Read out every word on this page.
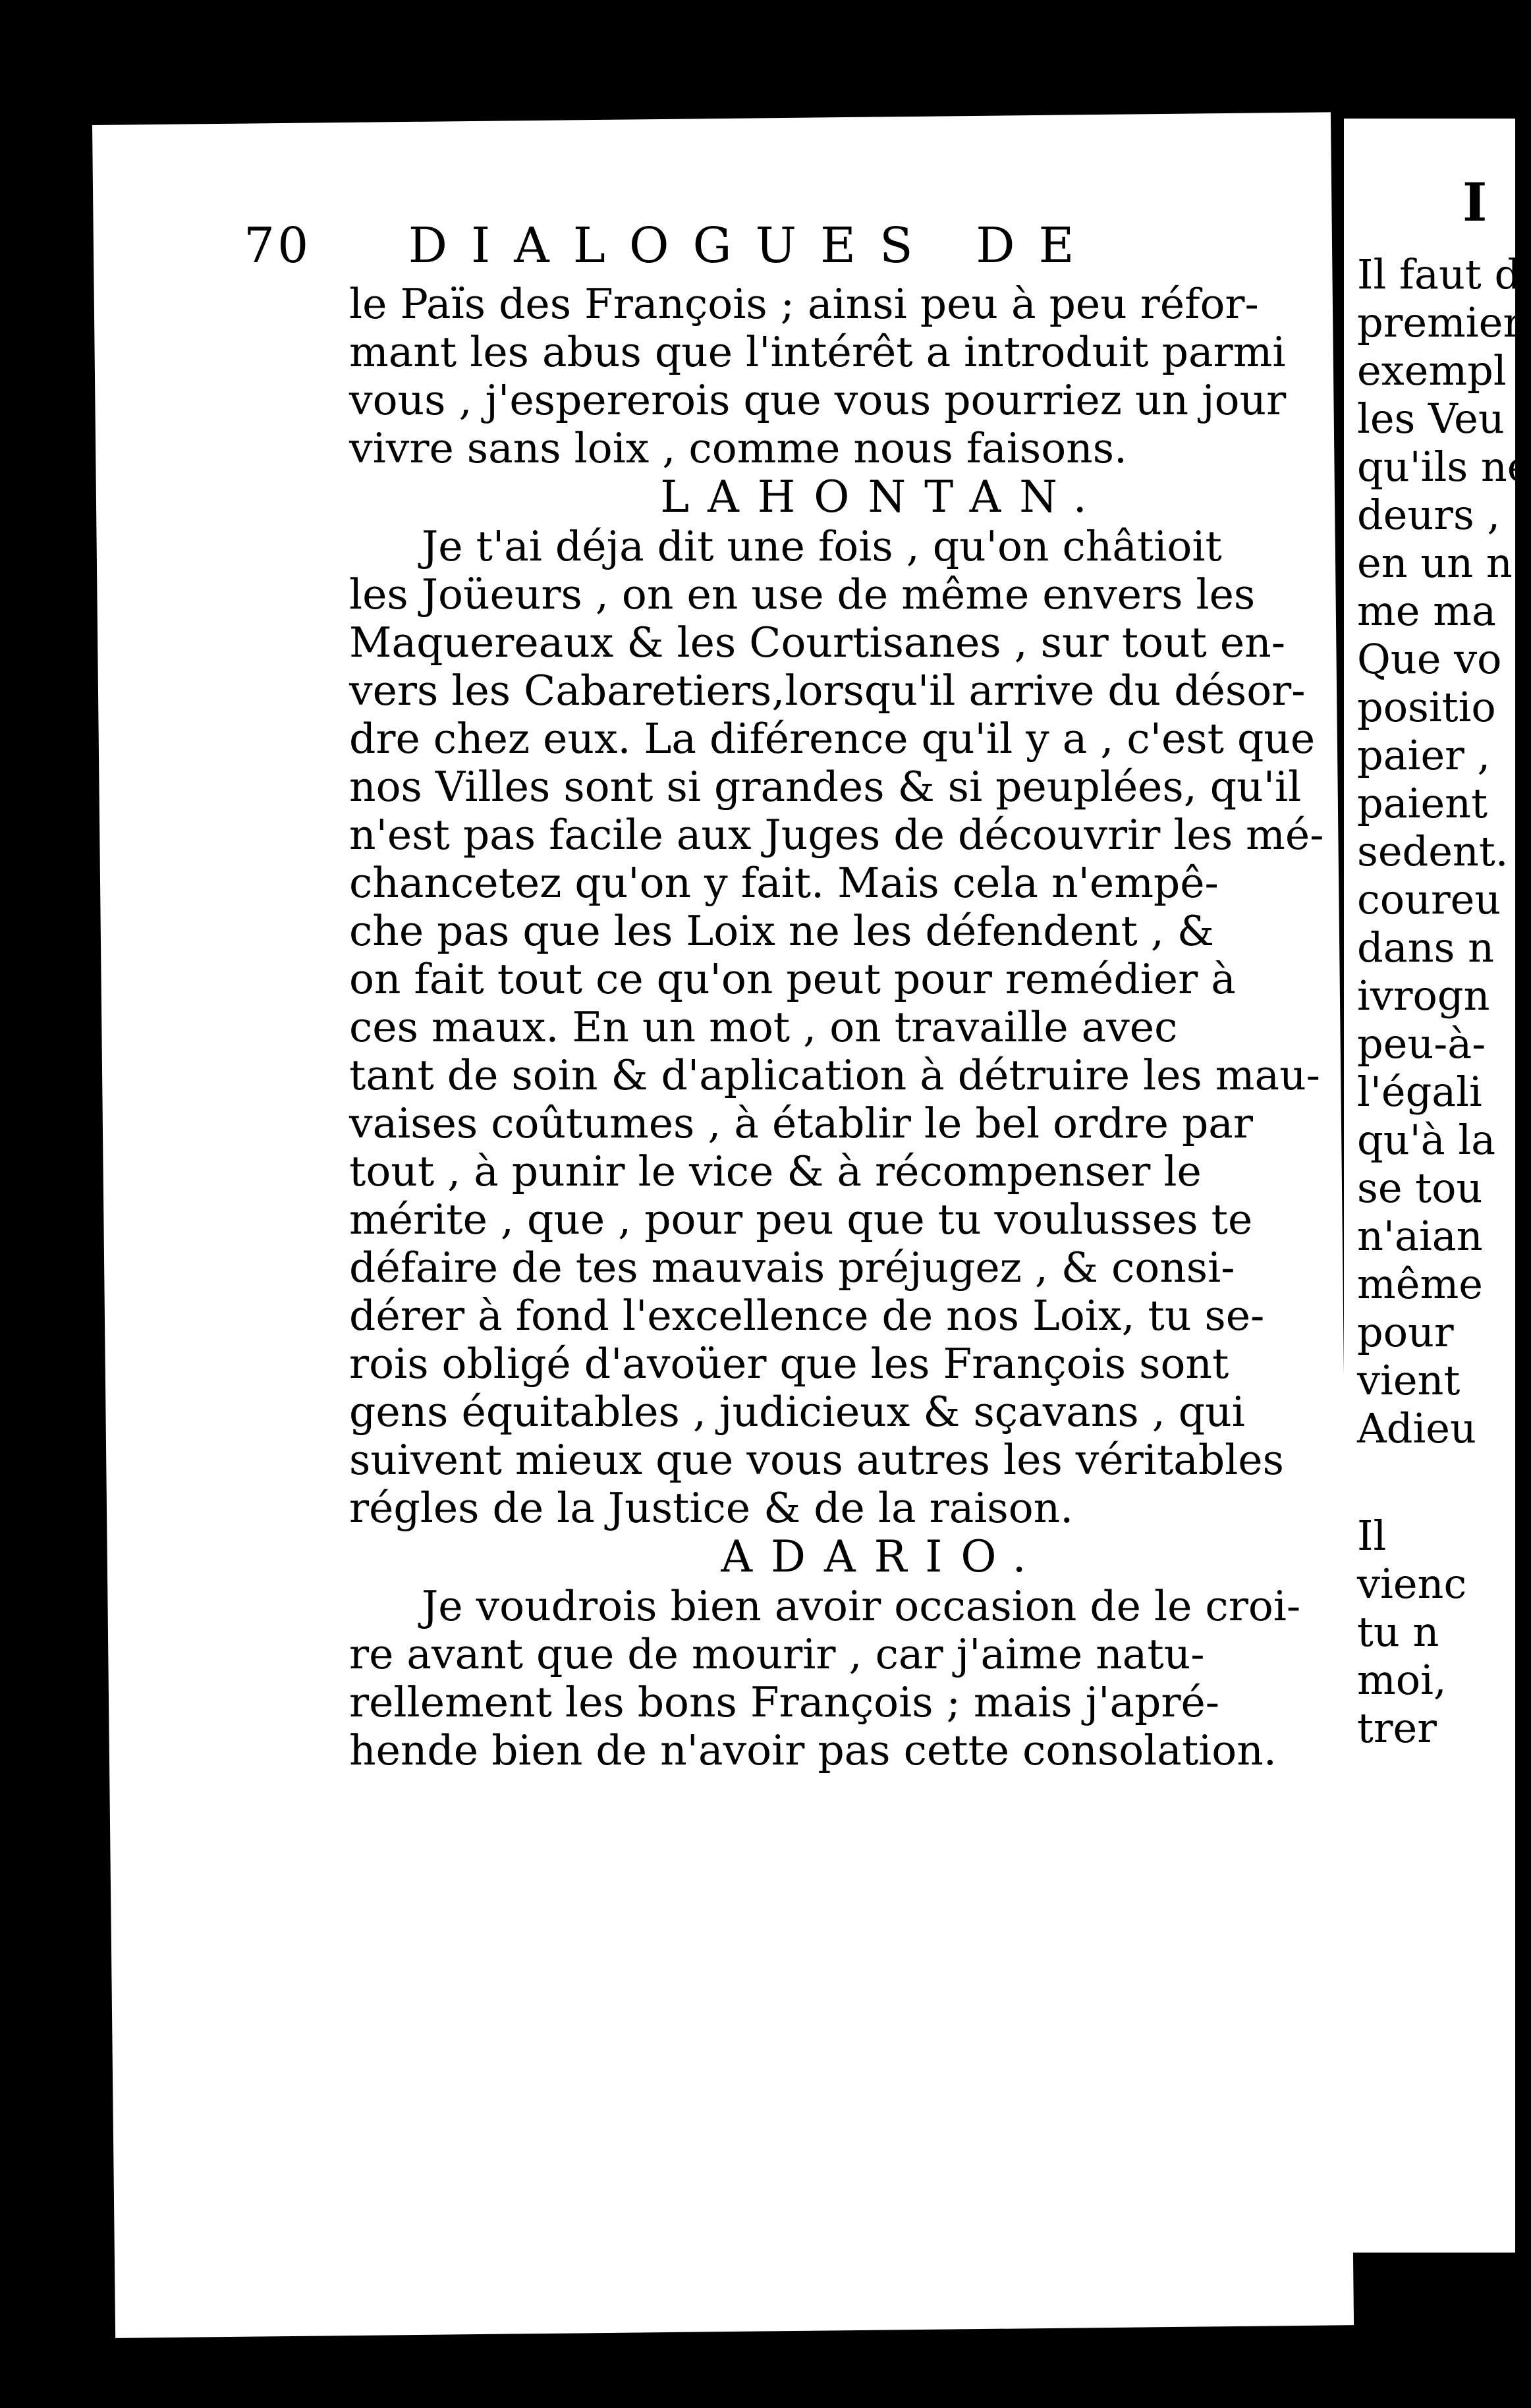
70 DIALOGUES DE
le Païs des François ; ainsi peu à peu réfor-
mant les abus que l'intérêt a introduit parmi
vous , j'espererois que vous pourriez un jour
vivre sans loix , comme nous faisons.
LAHONTAN.
Je t'ai déja dit une fois , qu'on châtioit
les Joüeurs , on en use de même envers les
Maquereaux & les Courtisanes , sur tout en-
vers les Cabaretiers,lorsqu'il arrive du désor-
dre chez eux. La diférence qu'il y a , c'est que
nos Villes sont si grandes & si peuplées, qu'il
n'est pas facile aux Juges de découvrir les mé-
chancetez qu'on y fait. Mais cela n'empê-
che pas que les Loix ne les défendent , &
on fait tout ce qu'on peut pour remédier à
ces maux. En un mot , on travaille avec
tant de soin & d'aplication à détruire les mau-
vaises coûtumes , à établir le bel ordre par
tout , à punir le vice & à récompenser le
mérite , que , pour peu que tu voulusses te
défaire de tes mauvais préjugez , & consi-
dérer à fond l'excellence de nos Loix, tu se-
rois obligé d'avoüer que les François sont
gens équitables , judicieux & sçavans , qui
suivent mieux que vous autres les véritables
régles de la Justice & de la raison.
ADARIO.
Je voudrois bien avoir occasion de le croi-
re avant que de mourir , car j'aime natu-
rellement les bons François ; mais j'apré-
hende bien de n'avoir pas cette consolation.
I
Il faut d
premier
exempl
les Veu
qu'ils ne
deurs ,
en un n
me ma
Que vo
positio
paier ,
paient
sedent.
coureu
dans n
ivrogn
peu-à-
l'égali
qu'à la
se tou
n'aian
même
pour
vient
Adieu
Il
vienc
tu n
moi,
trer
